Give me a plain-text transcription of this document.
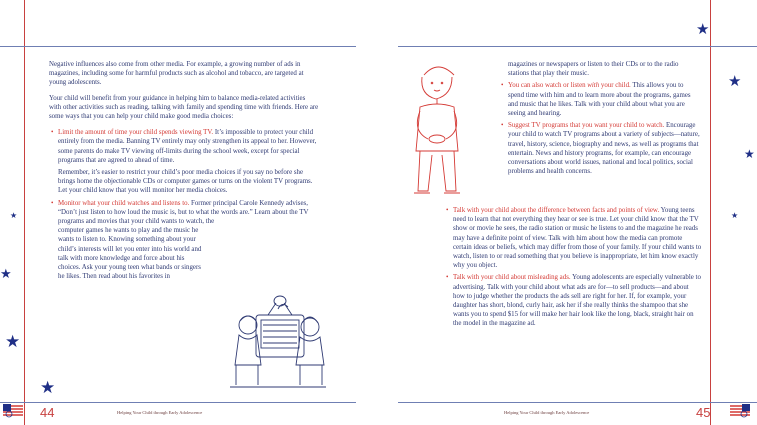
★
★
★
★

Negative influences also come from other media. For example, a growing number of ads in magazines, including some for harmful products such as alcohol and tobacco, are targeted at young adolescents.

Your child will benefit from your guidance in helping him to balance media-related activities with other activities such as reading, talking with family and spending time with friends. Here are some ways that you can help your child make good media choices:

• Limit the amount of time your child spends viewing TV. It’s impossible to protect your child entirely from the media. Banning TV entirely may only strengthen its appeal to her. However, some parents do make TV viewing off-limits during the school week, except for special programs that are agreed to ahead of time.
Remember, it’s easier to restrict your child’s poor media choices if you say no before she brings home the objectionable CDs or computer games or turns on the violent TV programs. Let your child know that you will monitor her media choices.
• Monitor what your child watches and listens to. Former principal Carole Kennedy advises, “Don’t just listen to how loud the music is, but to what the words are.” Learn about the TV programs and movies that your child wants to watch, the
computer games he wants to play and the music he wants to listen to. Knowing something about your child’s interests will let you enter into his world and talk with more knowledge and force about his choices. Ask your young teen what bands or singers he likes. Then read about his favorites in
44	Helping Your Child through Early Adolescence
★
★
★
★
magazines or newspapers or listen to their CDs or to the radio stations that play their music.
• You can also watch or listen with your child. This allows you to spend time with him and to learn more about the programs, games and music that he likes. Talk with your child about what you are seeing and hearing.
• Suggest TV programs that you want your child to watch. Encourage your child to watch TV programs about a variety of subjects—nature, travel, history, science, biography and news, as well as programs that entertain. News and history programs, for example, can encourage conversations about world issues, national and local politics, social problems and health concerns.
• Talk with your child about the difference between facts and points of view. Young teens need to learn that not everything they hear or see is true. Let your child know that the TV show or movie he sees, the radio station or music he listens to and the magazine he reads may have a definite point of view. Talk with him about how the media can promote certain ideas or beliefs, which may differ from those of your family. If your child wants to watch, listen to or read something that you believe is inappropriate, let him know exactly why you object.
• Talk with your child about misleading ads. Young adolescents are especially vulnerable to advertising. Talk with your child about what ads are for—to sell products—and about how to judge whether the products the ads sell are right for her. If, for example, your daughter has short, blond, curly hair, ask her if she really thinks the shampoo that she wants you to spend $15 for will make her hair look like the long, black, straight hair on the model in the magazine ad.
Helping Your Child through Early Adolescence	45
